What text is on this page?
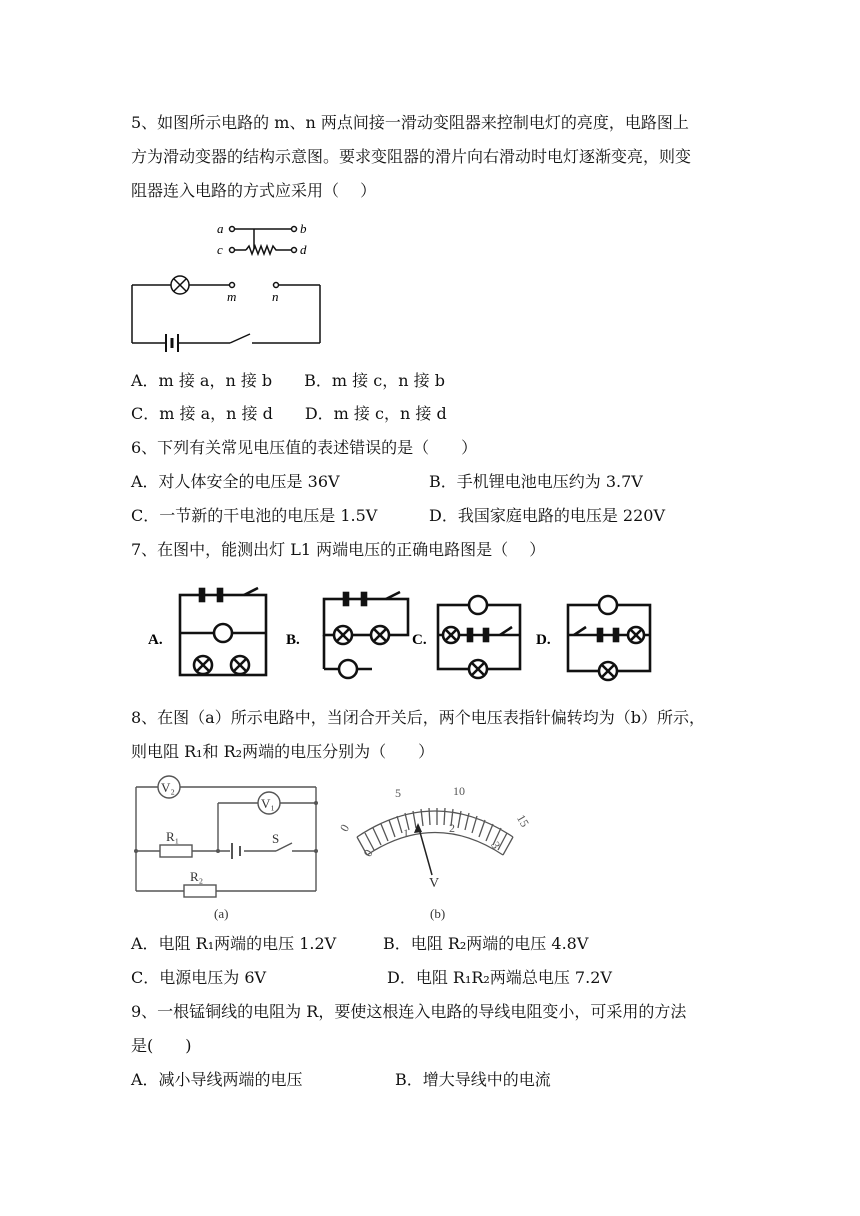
5、如图所示电路的 m、n 两点间接一滑动变阻器来控制电灯的亮度，电路图上
方为滑动变器的结构示意图。要求变阻器的滑片向右滑动时电灯逐渐变亮，则变
阻器连入电路的方式应采用（　 ）
a	b
c	d
m	n
A．m 接 a，n 接 b　　B．m 接 c，n 接 b
C．m 接 a，n 接 d　　D．m 接 c，n 接 d
6、下列有关常见电压值的表述错误的是（　　）
A．对人体安全的电压是 36V	B．手机锂电池电压约为 3.7V
C．一节新的干电池的电压是 1.5V	D．我国家庭电路的电压是 220V
7、在图中，能测出灯 L1 两端电压的正确电路图是（　 ）
A.	B.	C.	D.
8、在图（a）所示电路中，当闭合开关后，两个电压表指针偏转均为（b）所示，
则电阻 R₁和 R₂两端的电压分别为（　　）
V₂
V₁
R₁
R₂
S
(a)
0
5	10
15
0
1	2
3
V
(b)
A．电阻 R₁两端的电压 1.2V	B．电阻 R₂两端的电压 4.8V
C．电源电压为 6V	D．电阻 R₁R₂两端总电压 7.2V
9、一根锰铜线的电阻为 R，要使这根连入电路的导线电阻变小，可采用的方法
是(　　)
A．减小导线两端的电压	B．增大导线中的电流
